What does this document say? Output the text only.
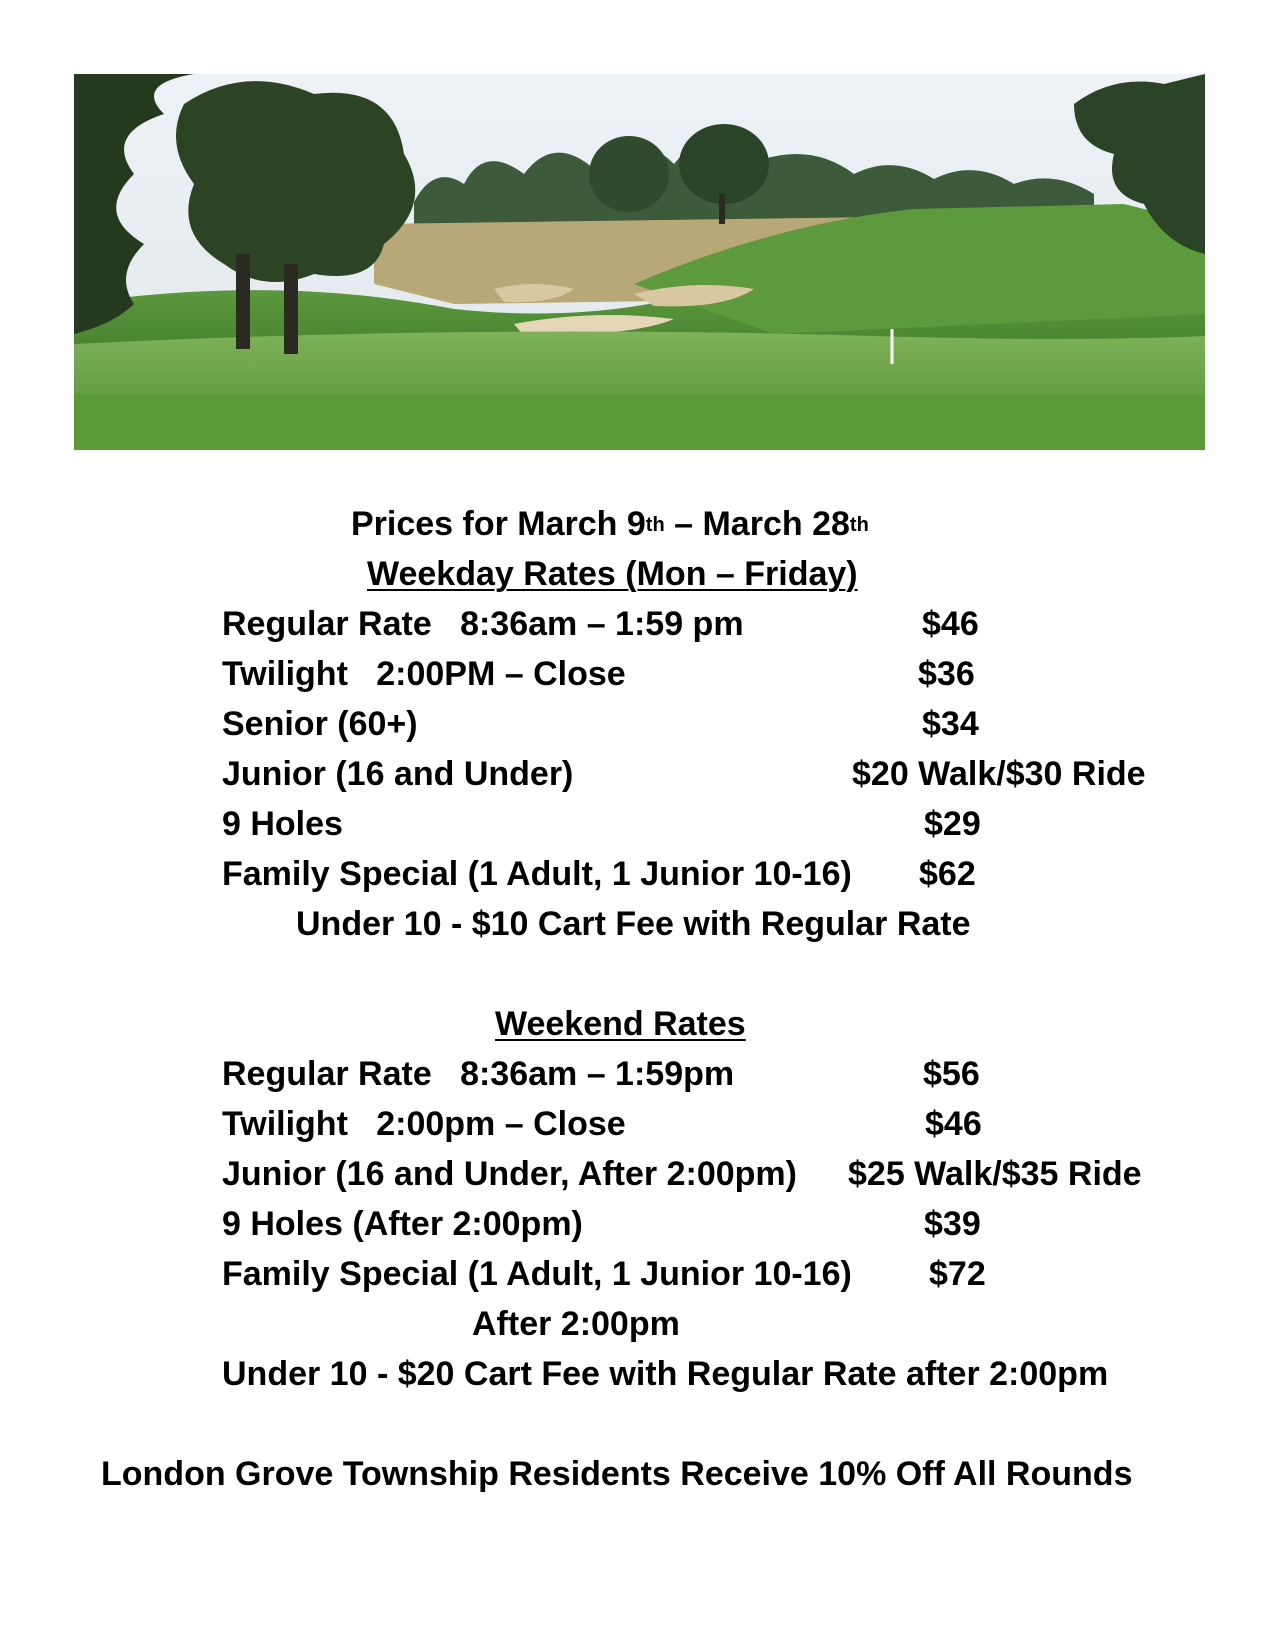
Prices for March 9th – March 28th
Weekday Rates (Mon – Friday)
Regular Rate   8:36am – 1:59 pm	$46
Twilight   2:00PM – Close	$36
Senior (60+)	$34
Junior (16 and Under)	$20 Walk/$30 Ride
9 Holes	$29
Family Special (1 Adult, 1 Junior 10-16) $62
Under 10 - $10 Cart Fee with Regular Rate
Weekend Rates
Regular Rate   8:36am – 1:59pm	$56
Twilight   2:00pm – Close	$46
Junior (16 and Under, After 2:00pm) $25 Walk/$35 Ride
9 Holes (After 2:00pm)	$39
Family Special (1 Adult, 1 Junior 10-16) $72
After 2:00pm
Under 10 - $20 Cart Fee with Regular Rate after 2:00pm
London Grove Township Residents Receive 10% Off All Rounds
